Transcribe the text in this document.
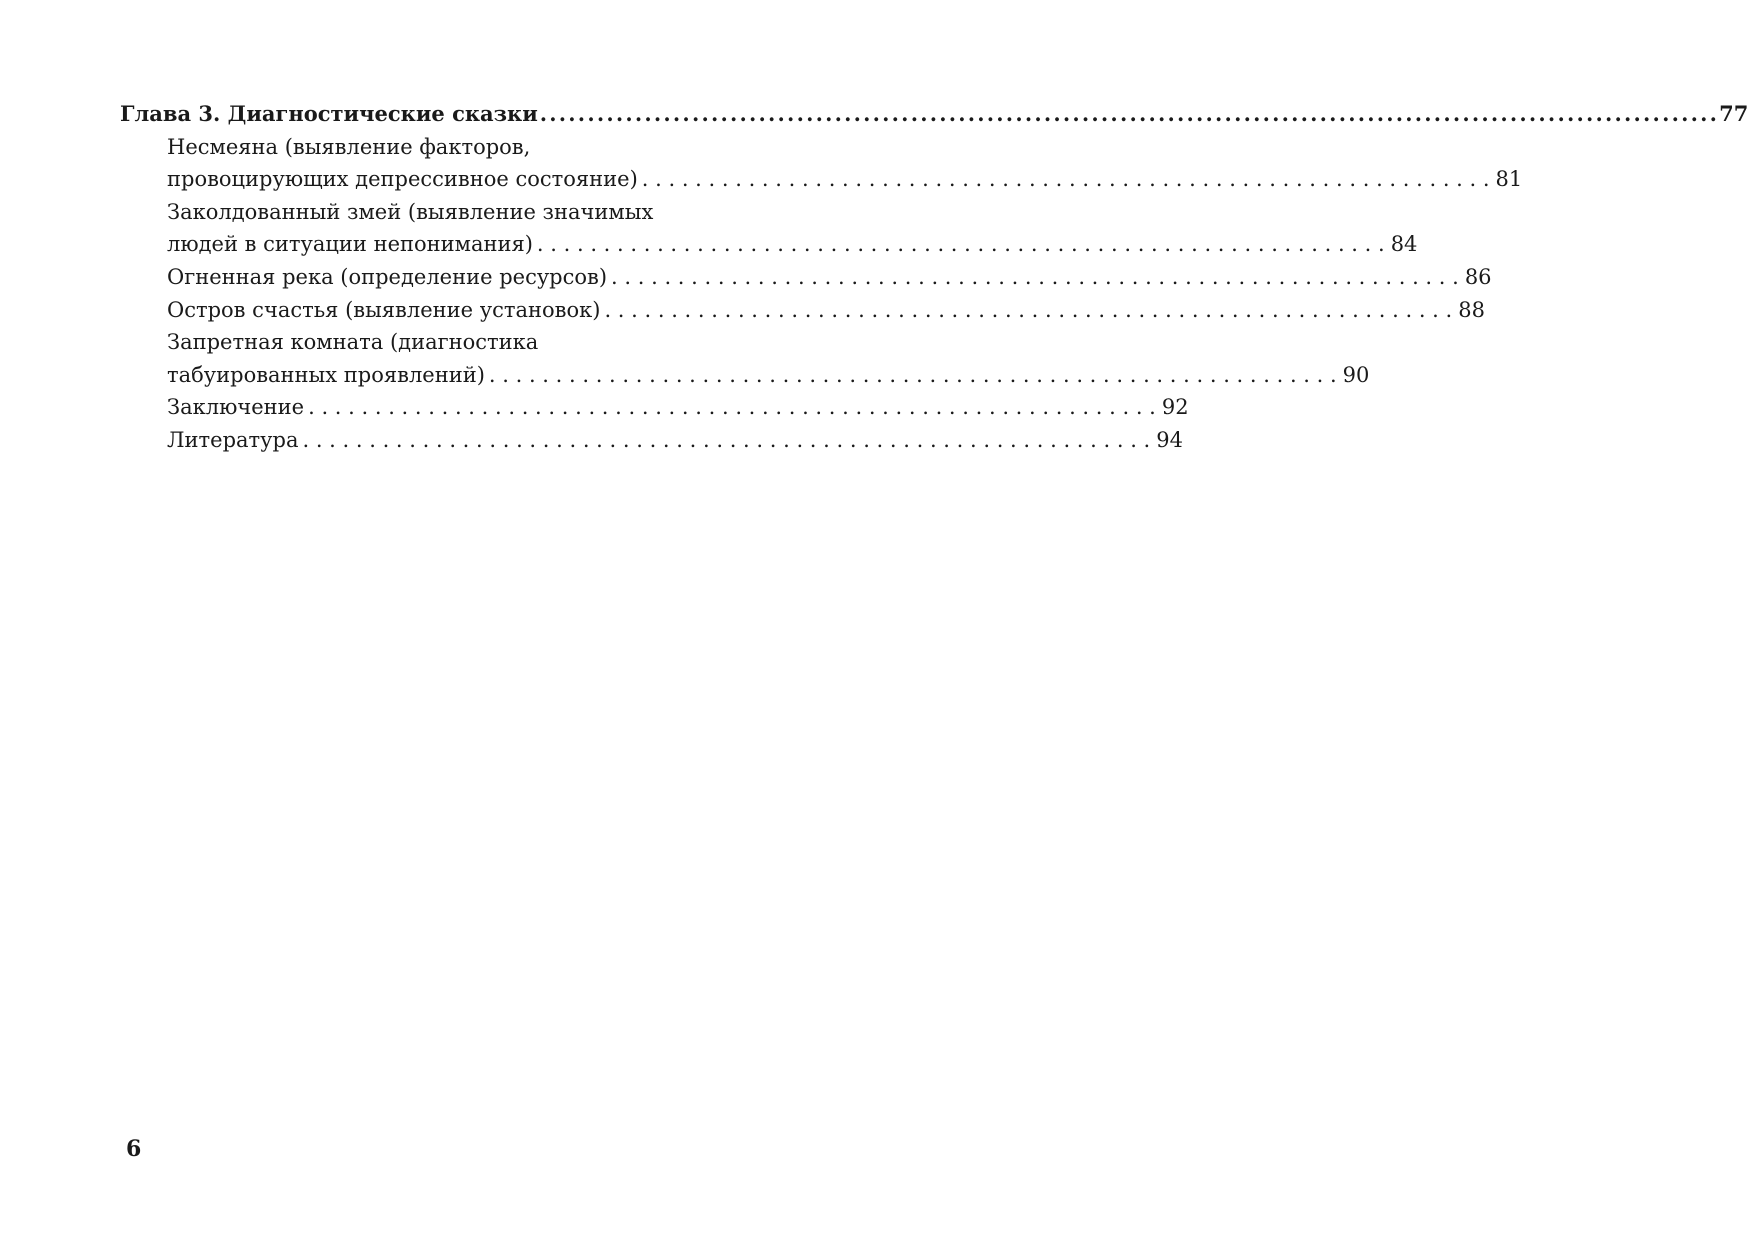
Глава 3. Диагностические сказки .....	77
Несмеяна (выявление факторов,
провоцирующих депрессивное состояние) . . .	81
Заколдованный змей (выявление значимых
людей в ситуации непонимания) . . .	84
Огненная река (определение ресурсов) . . .	86
Остров счастья (выявление установок) . . .	88
Запретная комната (диагностика
табуированных проявлений) . . .	90
Заключение . . .	92
Литература . . .	94
6
